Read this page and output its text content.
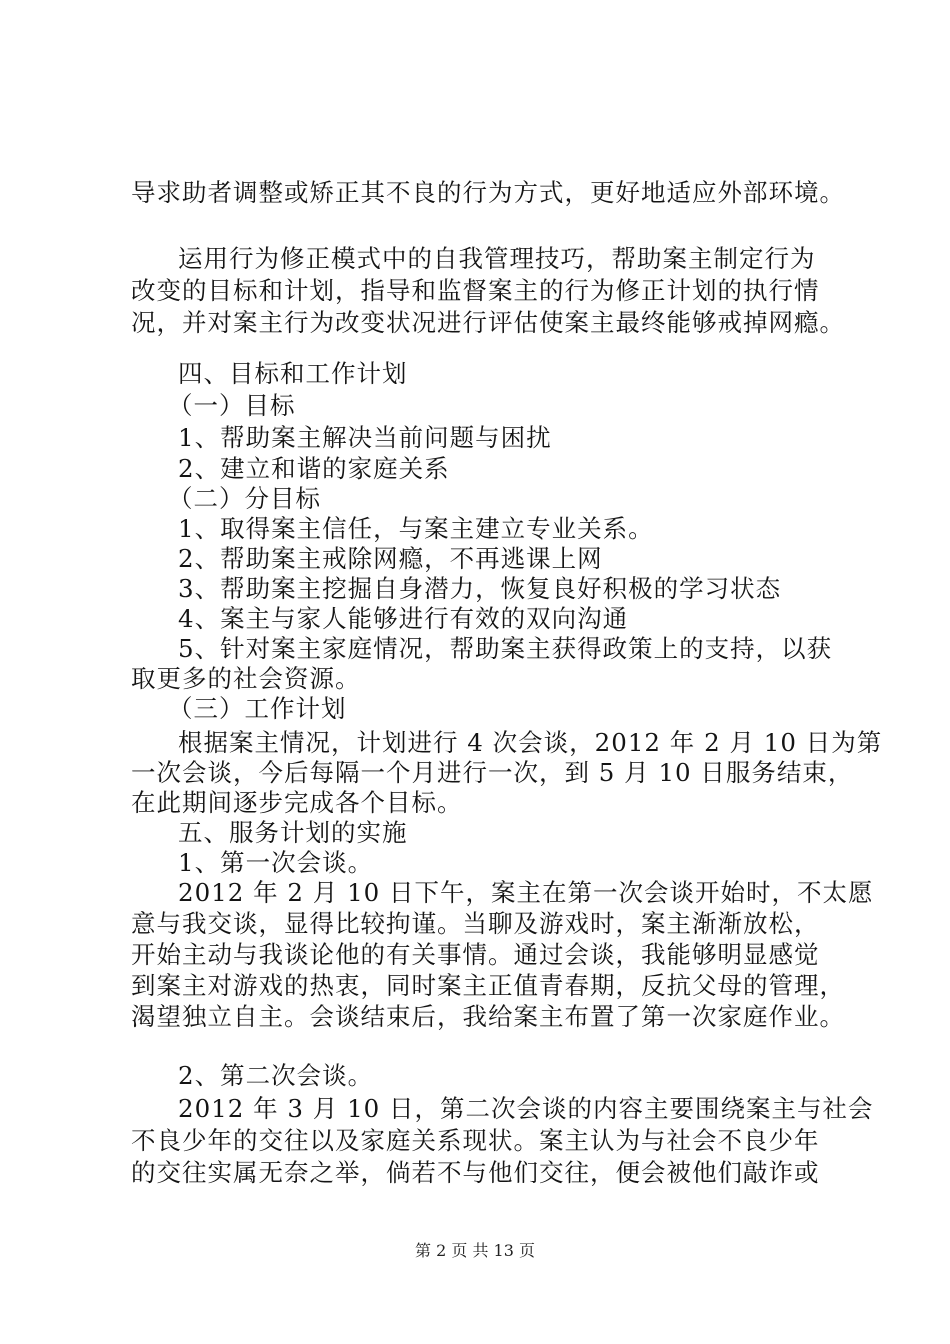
导求助者调整或矫正其不良的行为方式，更好地适应外部环境。
运用行为修正模式中的自我管理技巧，帮助案主制定行为
改变的目标和计划，指导和监督案主的行为修正计划的执行情
况，并对案主行为改变状况进行评估使案主最终能够戒掉网瘾。
四、目标和工作计划
（一）目标
1、帮助案主解决当前问题与困扰
2、建立和谐的家庭关系
（二）分目标
1、取得案主信任，与案主建立专业关系。
2、帮助案主戒除网瘾，不再逃课上网
3、帮助案主挖掘自身潜力，恢复良好积极的学习状态
4、案主与家人能够进行有效的双向沟通
5、针对案主家庭情况，帮助案主获得政策上的支持，以获
取更多的社会资源。
（三）工作计划
根据案主情况，计划进行 4 次会谈，2012 年 2 月 10 日为第
一次会谈，今后每隔一个月进行一次，到 5 月 10 日服务结束，
在此期间逐步完成各个目标。
五、服务计划的实施
1、第一次会谈。
2012 年 2 月 10 日下午，案主在第一次会谈开始时，不太愿
意与我交谈，显得比较拘谨。当聊及游戏时，案主渐渐放松，
开始主动与我谈论他的有关事情。通过会谈，我能够明显感觉
到案主对游戏的热衷，同时案主正值青春期，反抗父母的管理，
渴望独立自主。会谈结束后，我给案主布置了第一次家庭作业。
2、第二次会谈。
2012 年 3 月 10 日，第二次会谈的内容主要围绕案主与社会
不良少年的交往以及家庭关系现状。案主认为与社会不良少年
的交往实属无奈之举，倘若不与他们交往，便会被他们敲诈或
第 2 页 共 13 页
